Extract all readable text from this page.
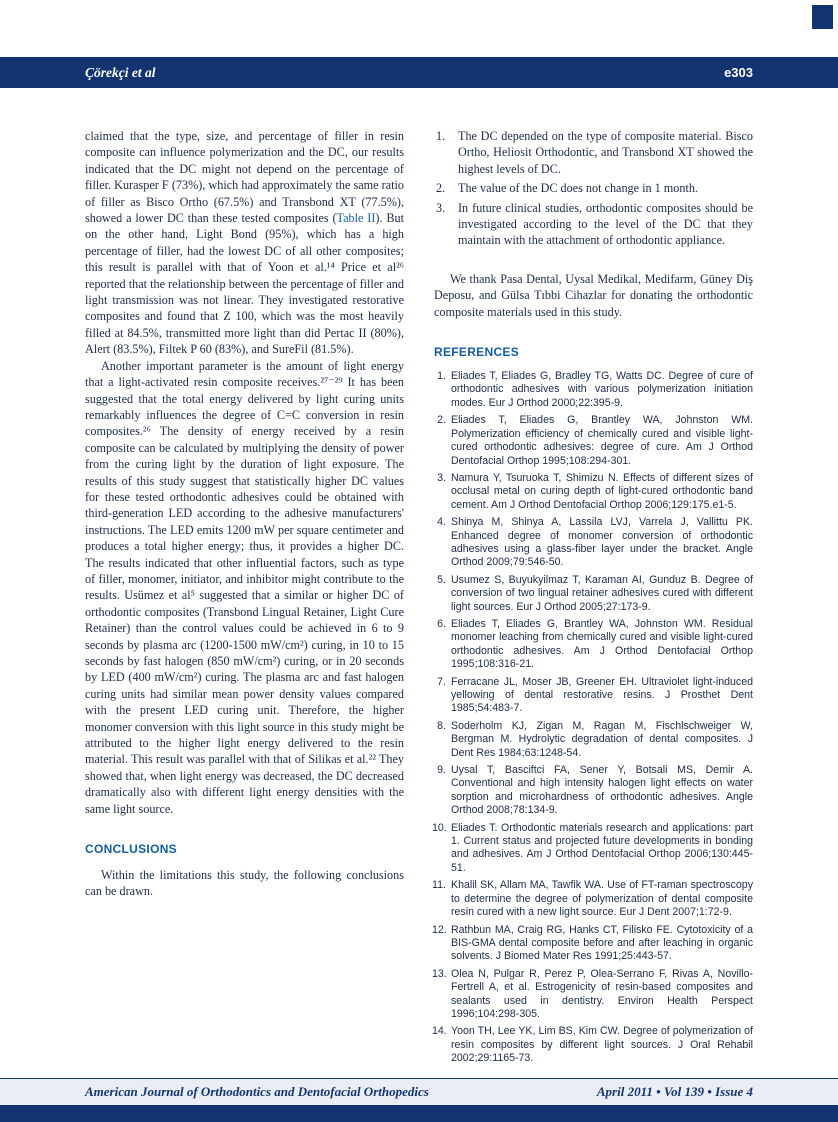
Çörekçi et al	e303

claimed that the type, size, and percentage of filler in resin composite can influence polymerization and the DC, our results indicated that the DC might not depend on the percentage of filler. Kurasper F (73%), which had approximately the same ratio of filler as Bisco Ortho (67.5%) and Transbond XT (77.5%), showed a lower DC than these tested composites (Table II). But on the other hand, Light Bond (95%), which has a high percentage of filler, had the lowest DC of all other composites; this result is parallel with that of Yoon et al.¹⁴ Price et al²⁶ reported that the relationship between the percentage of filler and light transmission was not linear. They investigated restorative composites and found that Z 100, which was the most heavily filled at 84.5%, transmitted more light than did Pertac II (80%), Alert (83.5%), Filtek P 60 (83%), and SureFil (81.5%).

Another important parameter is the amount of light energy that a light-activated resin composite receives.²⁷⁻²⁹ It has been suggested that the total energy delivered by light curing units remarkably influences the degree of C=C conversion in resin composites.²⁶ The density of energy received by a resin composite can be calculated by multiplying the density of power from the curing light by the duration of light exposure. The results of this study suggest that statistically higher DC values for these tested orthodontic adhesives could be obtained with third-generation LED according to the adhesive manufacturers' instructions. The LED emits 1200 mW per square centimeter and produces a total higher energy; thus, it provides a higher DC. The results indicated that other influential factors, such as type of filler, monomer, initiator, and inhibitor might contribute to the results. Usümez et al⁵ suggested that a similar or higher DC of orthodontic composites (Transbond Lingual Retainer, Light Cure Retainer) than the control values could be achieved in 6 to 9 seconds by plasma arc (1200-1500 mW/cm²) curing, in 10 to 15 seconds by fast halogen (850 mW/cm²) curing, or in 20 seconds by LED (400 mW/cm²) curing. The plasma arc and fast halogen curing units had similar mean power density values compared with the present LED curing unit. Therefore, the higher monomer conversion with this light source in this study might be attributed to the higher light energy delivered to the resin material. This result was parallel with that of Silikas et al.²² They showed that, when light energy was decreased, the DC decreased dramatically also with different light energy densities with the same light source.

CONCLUSIONS

Within the limitations this study, the following conclusions can be drawn.

The DC depended on the type of composite material. Bisco Ortho, Heliosit Orthodontic, and Transbond XT showed the highest levels of DC.
The value of the DC does not change in 1 month.
In future clinical studies, orthodontic composites should be investigated according to the level of the DC that they maintain with the attachment of orthodontic appliance.

We thank Pasa Dental, Uysal Medikal, Medifarm, Güney Diş Deposu, and Gülsa Tıbbi Cihazlar for donating the orthodontic composite materials used in this study.

REFERENCES
Eliades T, Eliades G, Bradley TG, Watts DC. Degree of cure of orthodontic adhesives with various polymerization initiation modes. Eur J Orthod 2000;22:395-9.
Eliades T, Eliades G, Brantley WA, Johnston WM. Polymerization efficiency of chemically cured and visible light-cured orthodontic adhesives: degree of cure. Am J Orthod Dentofacial Orthop 1995;108:294-301.
Namura Y, Tsuruoka T, Shimizu N. Effects of different sizes of occlusal metal on curing depth of light-cured orthodontic band cement. Am J Orthod Dentofacial Orthop 2006;129:175.e1-5.
Shinya M, Shinya A, Lassila LVJ, Varrela J, Vallittu PK. Enhanced degree of monomer conversion of orthodontic adhesives using a glass-fiber layer under the bracket. Angle Orthod 2009;79:546-50.
Usumez S, Buyukyilmaz T, Karaman AI, Gunduz B. Degree of conversion of two lingual retainer adhesives cured with different light sources. Eur J Orthod 2005;27:173-9.
Eliades T, Eliades G, Brantley WA, Johnston WM. Residual monomer leaching from chemically cured and visible light-cured orthodontic adhesives. Am J Orthod Dentofacial Orthop 1995;108:316-21.
Ferracane JL, Moser JB, Greener EH. Ultraviolet light-induced yellowing of dental restorative resins. J Prosthet Dent 1985;54:483-7.
Soderholm KJ, Zigan M, Ragan M, Fischlschweiger W, Bergman M. Hydrolytic degradation of dental composites. J Dent Res 1984;63:1248-54.
Uysal T, Basciftci FA, Sener Y, Botsali MS, Demir A. Conventional and high intensity halogen light effects on water sorption and microhardness of orthodontic adhesives. Angle Orthod 2008;78:134-9.
Eliades T. Orthodontic materials research and applications: part 1. Current status and projected future developments in bonding and adhesives. Am J Orthod Dentofacial Orthop 2006;130:445-51.
Khalil SK, Allam MA, Tawfik WA. Use of FT-raman spectroscopy to determine the degree of polymerization of dental composite resin cured with a new light source. Eur J Dent 2007;1:72-9.
Rathbun MA, Craig RG, Hanks CT, Filisko FE. Cytotoxicity of a BIS-GMA dental composite before and after leaching in organic solvents. J Biomed Mater Res 1991;25:443-57.
Olea N, Pulgar R, Perez P, Olea-Serrano F, Rivas A, Novillo-Fertrell A, et al. Estrogenicity of resin-based composites and sealants used in dentistry. Environ Health Perspect 1996;104:298-305.
Yoon TH, Lee YK, Lim BS, Kim CW. Degree of polymerization of resin composites by different light sources. J Oral Rehabil 2002;29:1165-73.
American Journal of Orthodontics and Dentofacial Orthopedics	April 2011 • Vol 139 • Issue 4
